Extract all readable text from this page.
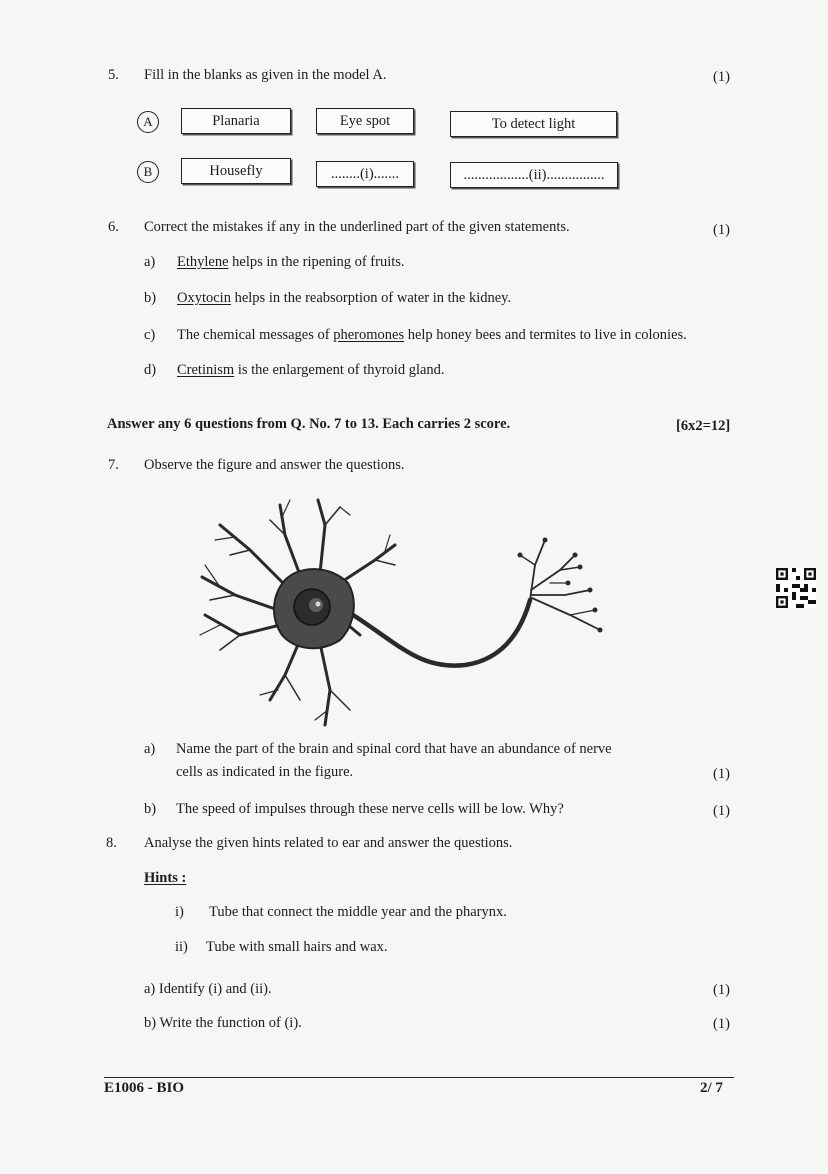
5. Fill in the blanks as given in the model A.	(1)
A	Planaria	Eye spot	To detect light
B	Housefly	........(i).......	..................(ii)................
6. Correct the mistakes if any in the underlined part of the given statements.	(1)
a) Ethylene helps in the ripening of fruits.
b) Oxytocin helps in the reabsorption of water in the kidney.
c) The chemical messages of pheromones help honey bees and termites to live in colonies.
d) Cretinism is the enlargement of thyroid gland.
Answer any 6 questions from Q. No. 7 to 13. Each carries 2 score.	[6x2=12]
7. Observe the figure and answer the questions.
a) Name the part of the brain and spinal cord that have an abundance of nerve
cells as indicated in the figure.	(1)
b) The speed of impulses through these nerve cells will be low. Why?	(1)
8. Analyse the given hints related to ear and answer the questions.
Hints :
i) Tube that connect the middle year and the pharynx.
ii) Tube with small hairs and wax.
a) Identify (i) and (ii).	(1)
b) Write the function of (i).	(1)
E1006 - BIO	2/ 7
